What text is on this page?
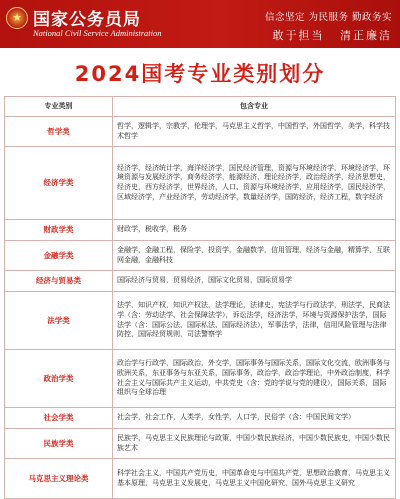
★
国家公务员局
National Civil Service Administration
信念坚定 为民服务 勤政务实
敢于担当 清正廉洁
2024国考专业类别划分
专业类别	包含专业
哲学类	哲学，逻辑学，宗教学，伦理学，马克思主义哲学，中国哲学，外国哲学，美学，科学技术哲学
经济学类	经济学，经济统计学，海洋经济学，国民经济管理，资源与环境经济学，环境经济学，环境资源与发展经济学，商务经济学，能源经济，理论经济学，政治经济学，经济思想史，经济史，西方经济学，世界经济，人口、资源与环境经济学，应用经济学，国民经济学，区域经济学，产业经济学，劳动经济学，数量经济学，国防经济，经济工程，数字经济
财政学类	财政学，税收学，税务
金融学类	金融学，金融工程，保险学，投资学，金融数学，信用管理，经济与金融，精算学，互联网金融，金融科技
经济与贸易类	国际经济与贸易，贸易经济，国际文化贸易，国际贸易学
法学类	法学，知识产权，知识产权法，法学理论，法律史，宪法学与行政法学，刑法学，民商法学（含：劳动法学、社会保障法学），诉讼法学，经济法学，环境与资源保护法学，国际法学（含：国际公法、国际私法、国际经济法），军事法学，法律，信用风险管理与法律防控，国际经贸规则，司法警察学
政治学类	政治学与行政学，国际政治，外交学，国际事务与国际关系，国际文化交流，欧洲事务与欧洲关系，东亚事务与东亚关系，国际事务，政治学，政治学理论，中外政治制度，科学社会主义与国际共产主义运动，中共党史（含：党的学说与党的建设），国际关系，国际组织与全球治理
社会学类	社会学，社会工作，人类学，女性学，人口学，民俗学（含：中国民间文学）
民族学类	民族学，马克思主义民族理论与政策，中国少数民族经济，中国少数民族史，中国少数民族艺术
马克思主义理论类	科学社会主义，中国共产党历史，中国革命史与中国共产党，思想政治教育，马克思主义基本原理，马克思主义发展史，马克思主义中国化研究，国外马克思主义研究
